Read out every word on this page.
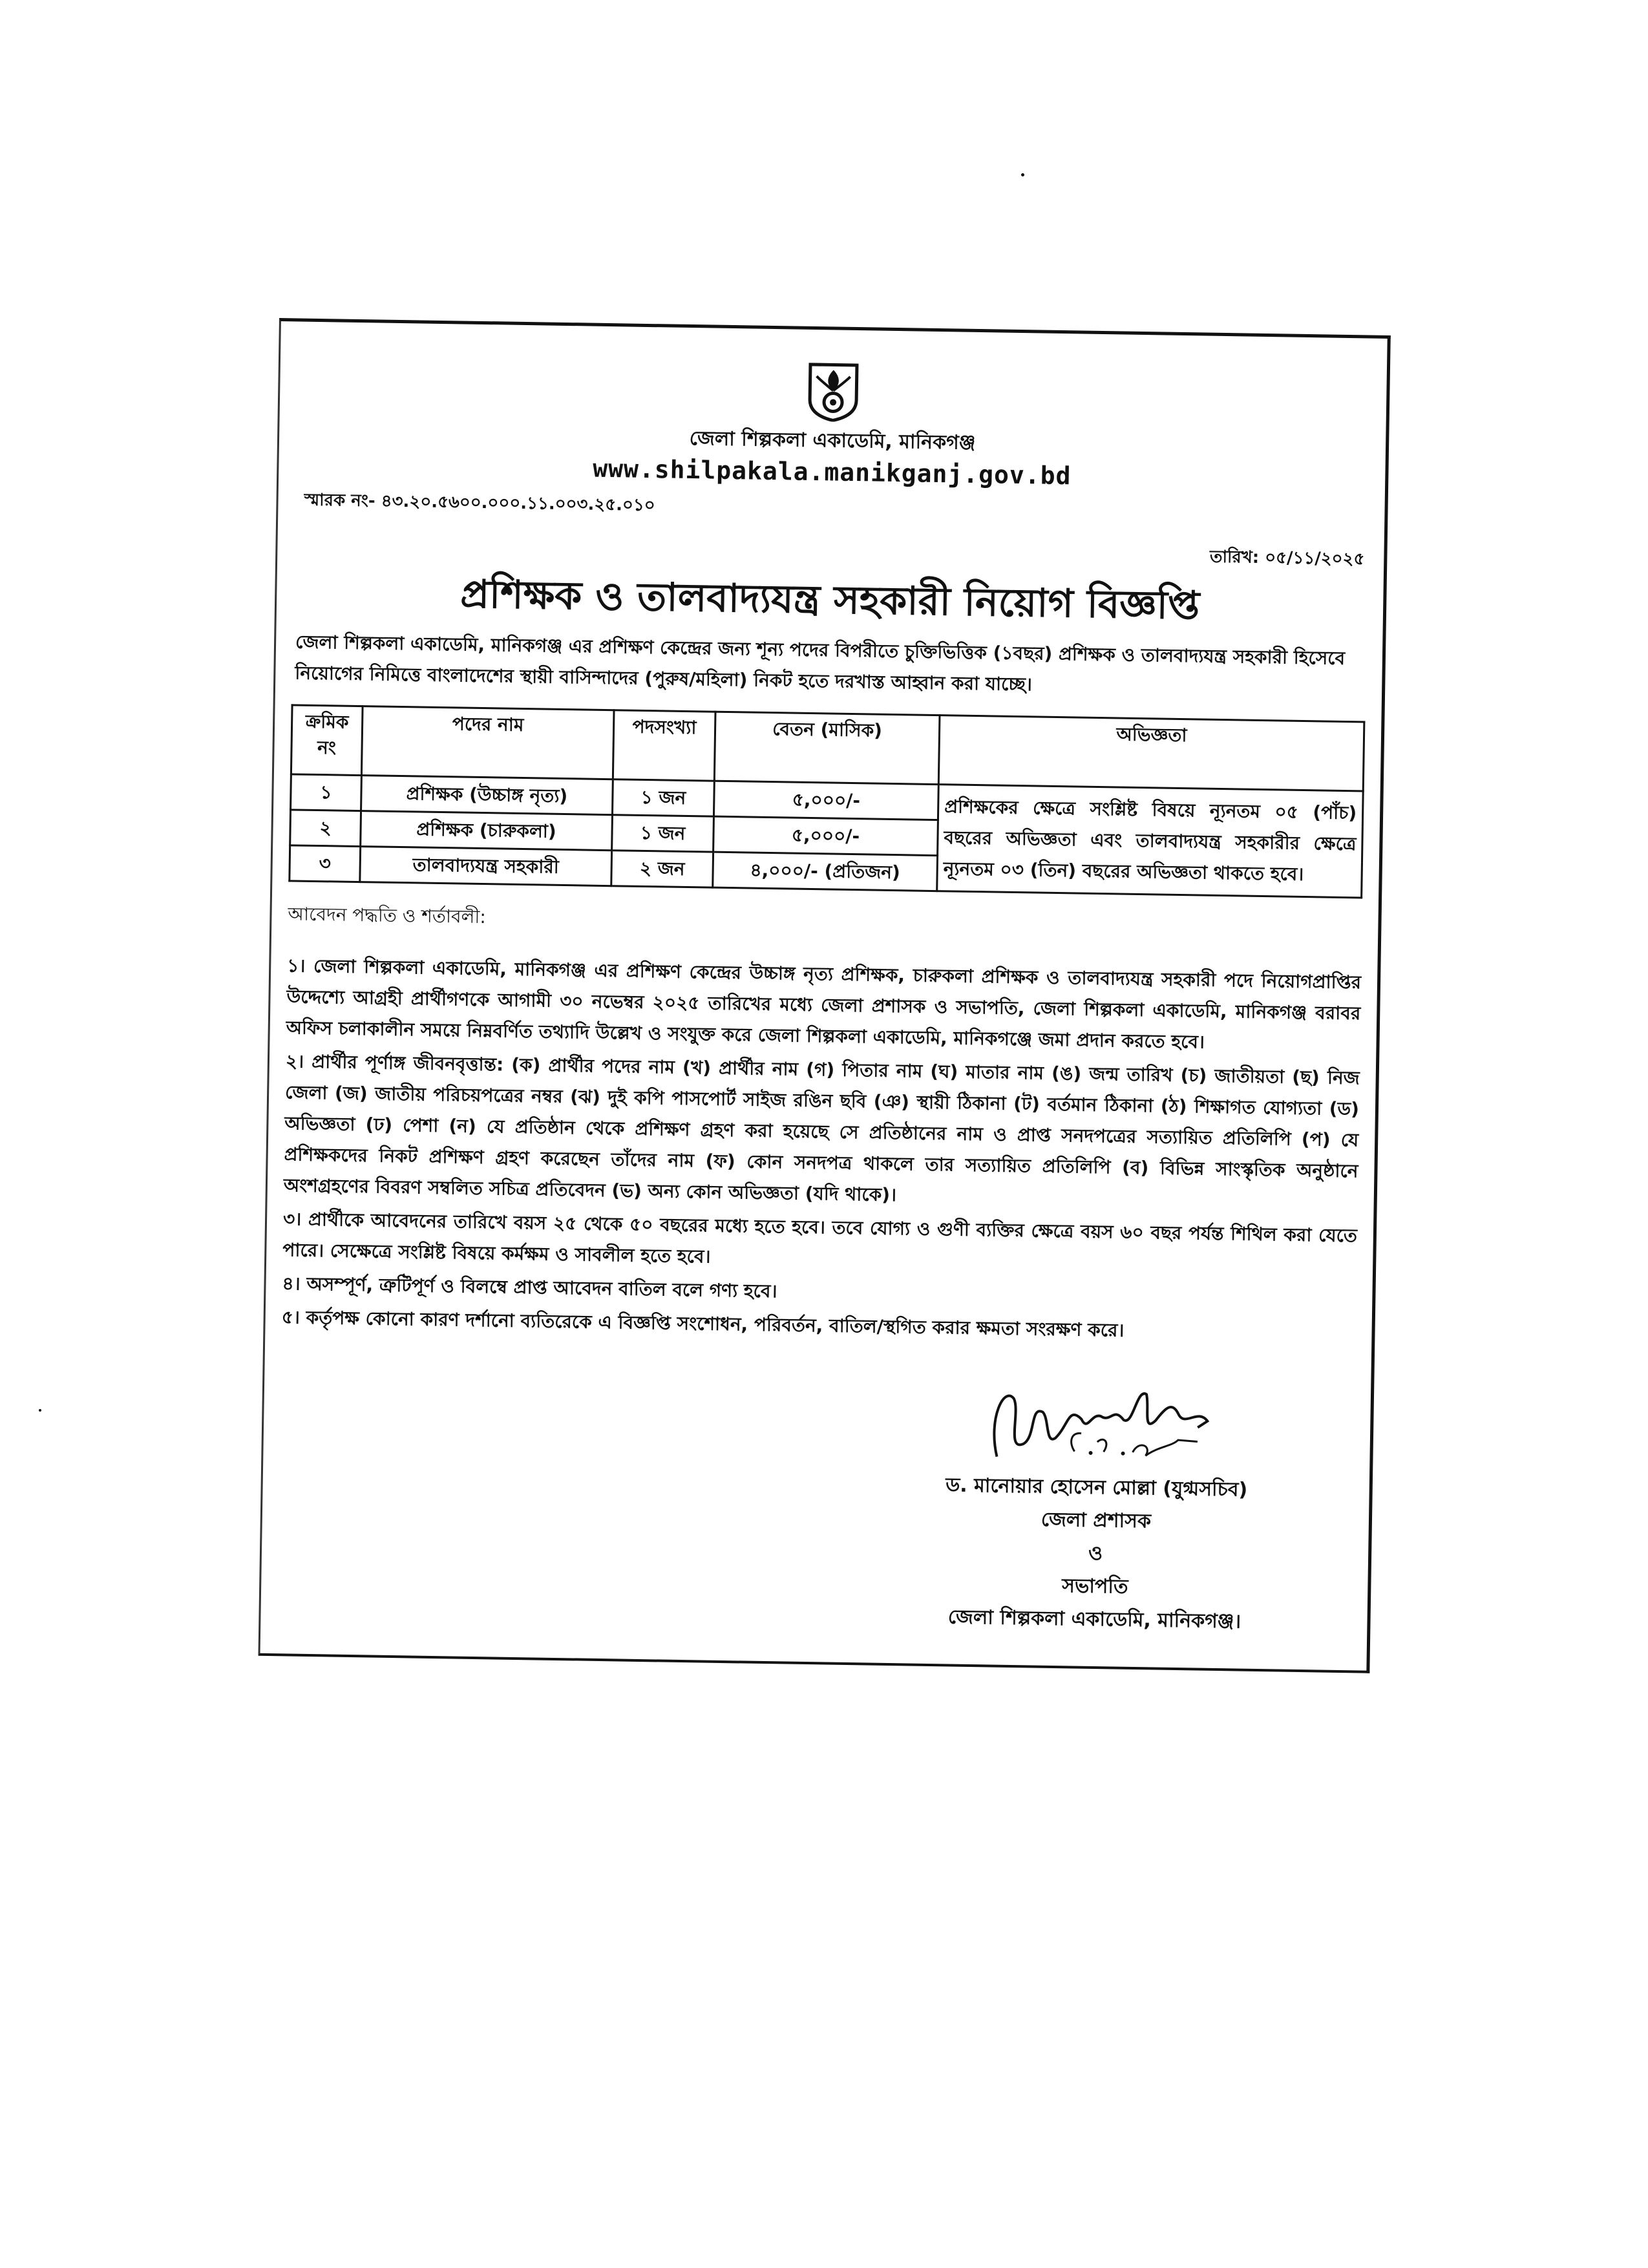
জেলা শিল্পকলা একাডেমি, মানিকগঞ্জ
www.shilpakala.manikganj.gov.bd
স্মারক নং- ৪৩.২০.৫৬০০.০০০.১১.০০৩.২৫.০১০
তারিখ: ০৫/১১/২০২৫
প্রশিক্ষক ও তালবাদ্যযন্ত্র সহকারী নিয়োগ বিজ্ঞপ্তি
জেলা শিল্পকলা একাডেমি, মানিকগঞ্জ এর প্রশিক্ষণ কেন্দ্রের জন্য শূন্য পদের বিপরীতে চুক্তিভিত্তিক (১বছর) প্রশিক্ষক ও তালবাদ্যযন্ত্র সহকারী হিসেবে নিয়োগের নিমিত্তে বাংলাদেশের স্থায়ী বাসিন্দাদের (পুরুষ/মহিলা) নিকট হতে দরখাস্ত আহ্বান করা যাচ্ছে।
ক্রমিক নং	পদের নাম	পদসংখ্যা	বেতন (মাসিক)	অভিজ্ঞতা
১	প্রশিক্ষক (উচ্চাঙ্গ নৃত্য)	১ জন	৫,০০০/-	প্রশিক্ষকের ক্ষেত্রে সংশ্লিষ্ট বিষয়ে ন্যূনতম ০৫ (পাঁচ) বছরের অভিজ্ঞতা এবং তালবাদ্যযন্ত্র সহকারীর ক্ষেত্রে ন্যূনতম ০৩ (তিন) বছরের অভিজ্ঞতা থাকতে হবে।
২	প্রশিক্ষক (চারুকলা)	১ জন	৫,০০০/-	
৩	তালবাদ্যযন্ত্র সহকারী	২ জন	৪,০০০/- (প্রতিজন)	
আবেদন পদ্ধতি ও শর্তাবলী:

১। জেলা শিল্পকলা একাডেমি, মানিকগঞ্জ এর প্রশিক্ষণ কেন্দ্রের উচ্চাঙ্গ নৃত্য প্রশিক্ষক, চারুকলা প্রশিক্ষক ও তালবাদ্যযন্ত্র সহকারী পদে নিয়োগপ্রাপ্তির উদ্দেশ্যে আগ্রহী প্রার্থীগণকে আগামী ৩০ নভেম্বর ২০২৫ তারিখের মধ্যে জেলা প্রশাসক ও সভাপতি, জেলা শিল্পকলা একাডেমি, মানিকগঞ্জ বরাবর অফিস চলাকালীন সময়ে নিম্নবর্ণিত তথ্যাদি উল্লেখ ও সংযুক্ত করে জেলা শিল্পকলা একাডেমি, মানিকগঞ্জে জমা প্রদান করতে হবে।

২। প্রার্থীর পূর্ণাঙ্গ জীবনবৃত্তান্ত: (ক) প্রার্থীর পদের নাম (খ) প্রার্থীর নাম (গ) পিতার নাম (ঘ) মাতার নাম (ঙ) জন্ম তারিখ (চ) জাতীয়তা (ছ) নিজ জেলা (জ) জাতীয় পরিচয়পত্রের নম্বর (ঝ) দুই কপি পাসপোর্ট সাইজ রঙিন ছবি (ঞ) স্থায়ী ঠিকানা (ট) বর্তমান ঠিকানা (ঠ) শিক্ষাগত যোগ্যতা (ড) অভিজ্ঞতা (ঢ) পেশা (ন) যে প্রতিষ্ঠান থেকে প্রশিক্ষণ গ্রহণ করা হয়েছে সে প্রতিষ্ঠানের নাম ও প্রাপ্ত সনদপত্রের সত্যায়িত প্রতিলিপি (প) যে প্রশিক্ষকদের নিকট প্রশিক্ষণ গ্রহণ করেছেন তাঁদের নাম (ফ) কোন সনদপত্র থাকলে তার সত্যায়িত প্রতিলিপি (ব) বিভিন্ন সাংস্কৃতিক অনুষ্ঠানে অংশগ্রহণের বিবরণ সম্বলিত সচিত্র প্রতিবেদন (ভ) অন্য কোন অভিজ্ঞতা (যদি থাকে)।

৩। প্রার্থীকে আবেদনের তারিখে বয়স ২৫ থেকে ৫০ বছরের মধ্যে হতে হবে। তবে যোগ্য ও গুণী ব্যক্তির ক্ষেত্রে বয়স ৬০ বছর পর্যন্ত শিথিল করা যেতে পারে। সেক্ষেত্রে সংশ্লিষ্ট বিষয়ে কর্মক্ষম ও সাবলীল হতে হবে।

৪। অসম্পূর্ণ, ত্রুটিপূর্ণ ও বিলম্বে প্রাপ্ত আবেদন বাতিল বলে গণ্য হবে।

৫। কর্তৃপক্ষ কোনো কারণ দর্শানো ব্যতিরেকে এ বিজ্ঞপ্তি সংশোধন, পরিবর্তন, বাতিল/স্থগিত করার ক্ষমতা সংরক্ষণ করে।

ড. মানোয়ার হোসেন মোল্লা (যুগ্মসচিব)
জেলা প্রশাসক
ও
সভাপতি
জেলা শিল্পকলা একাডেমি, মানিকগঞ্জ।
